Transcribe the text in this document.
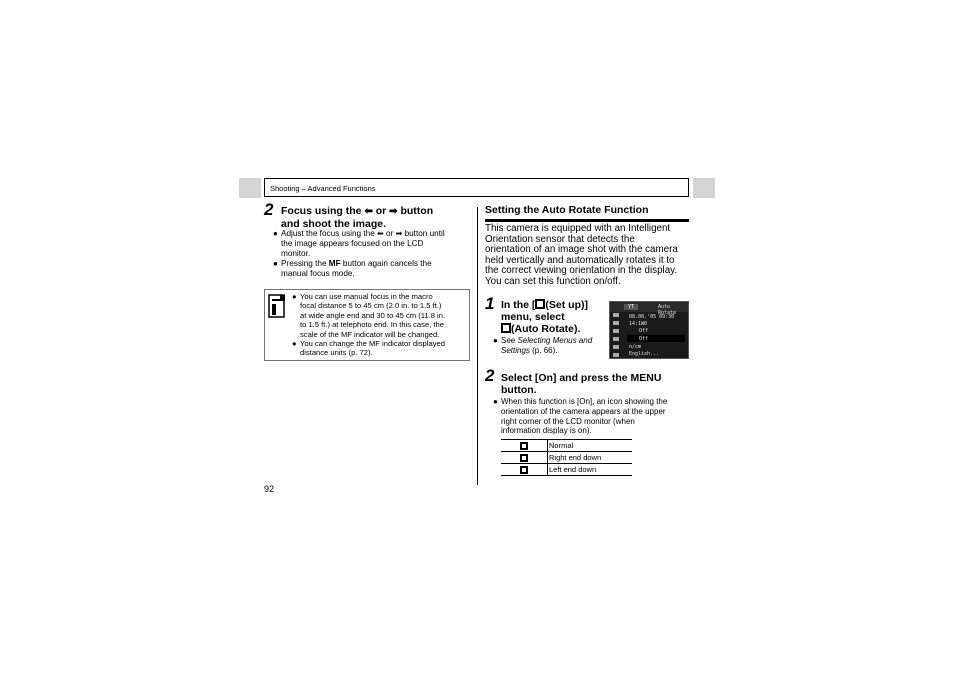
Shooting – Advanced Functions
2 Focus using the ⬅ or ➡ button
and shoot the image.
● Adjust the focus using the ⬅ or ➡ button until
the image appears focused on the LCD
monitor.
● Pressing the MF button again cancels the
manual focus mode.
● You can use manual focus in the macro
focal distance 5 to 45 cm (2.0 in. to 1.5 ft.)
at wide angle end and 30 to 45 cm (11.8 in.
to 1.5 ft.) at telephoto end. In this case, the
scale of the MF indicator will be changed.

● You can change the MF indicator displayed
distance units (p. 72).
Setting the Auto Rotate Function
This camera is equipped with an Intelligent
Orientation sensor that detects the
orientation of an image shot with the camera
held vertically and automatically rotates it to
the correct viewing orientation in the display.
You can set this function on/off.
1 In the [ (Set up)]
menu, select
(Auto Rotate).
● See Selecting Menus and
Settings (p. 66).
YT	Auto Rotate
08.08.'05 09:30
14:1W0
Off
Off
n/cm
English...
2 Select [On] and press the MENU
button.
● When this function is [On], an icon showing the
orientation of the camera appears at the upper
right corner of the LCD monitor (when
information display is on).
	Normal
	Right end down
	Left end down
92
